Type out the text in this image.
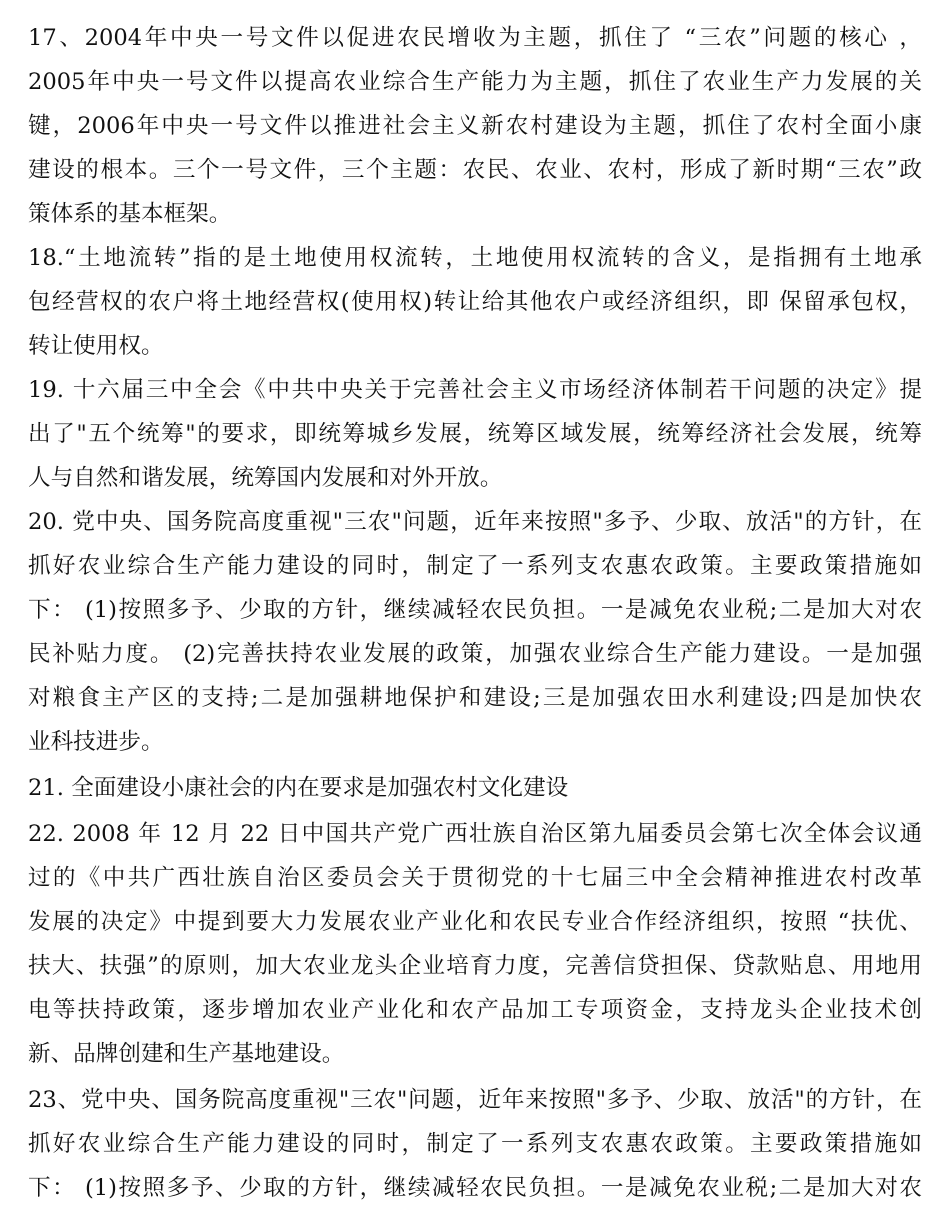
17、2004年中央一号文件以促进农民增收为主题，抓住了 “三农”问题的核心 ，
2005年中央一号文件以提高农业综合生产能力为主题，抓住了农业生产力发展的关
键，2006年中央一号文件以推进社会主义新农村建设为主题，抓住了农村全面小康
建设的根本。三个一号文件，三个主题：农民、农业、农村，形成了新时期“三农”政
策体系的基本框架。
18.“土地流转”指的是土地使用权流转，土地使用权流转的含义，是指拥有土地承
包经营权的农户将土地经营权(使用权)转让给其他农户或经济组织，即 保留承包权，
转让使用权。
19. 十六届三中全会《中共中央关于完善社会主义市场经济体制若干问题的决定》提
出了"五个统筹"的要求，即统筹城乡发展，统筹区域发展，统筹经济社会发展，统筹
人与自然和谐发展，统筹国内发展和对外开放。
20. 党中央、国务院高度重视"三农"问题，近年来按照"多予、少取、放活"的方针，在
抓好农业综合生产能力建设的同时，制定了一系列支农惠农政策。主要政策措施如
下： (1)按照多予、少取的方针，继续减轻农民负担。一是减免农业税;二是加大对农
民补贴力度。 (2)完善扶持农业发展的政策，加强农业综合生产能力建设。一是加强
对粮食主产区的支持;二是加强耕地保护和建设;三是加强农田水利建设;四是加快农
业科技进步。
21. 全面建设小康社会的内在要求是加强农村文化建设
22. 2008 年 12 月 22 日中国共产党广西壮族自治区第九届委员会第七次全体会议通
过的《中共广西壮族自治区委员会关于贯彻党的十七届三中全会精神推进农村改革
发展的决定》中提到要大力发展农业产业化和农民专业合作经济组织，按照 “扶优、
扶大、扶强”的原则，加大农业龙头企业培育力度，完善信贷担保、贷款贴息、用地用
电等扶持政策，逐步增加农业产业化和农产品加工专项资金，支持龙头企业技术创
新、品牌创建和生产基地建设。
23、党中央、国务院高度重视"三农"问题，近年来按照"多予、少取、放活"的方针，在
抓好农业综合生产能力建设的同时，制定了一系列支农惠农政策。主要政策措施如
下： (1)按照多予、少取的方针，继续减轻农民负担。一是减免农业税;二是加大对农
